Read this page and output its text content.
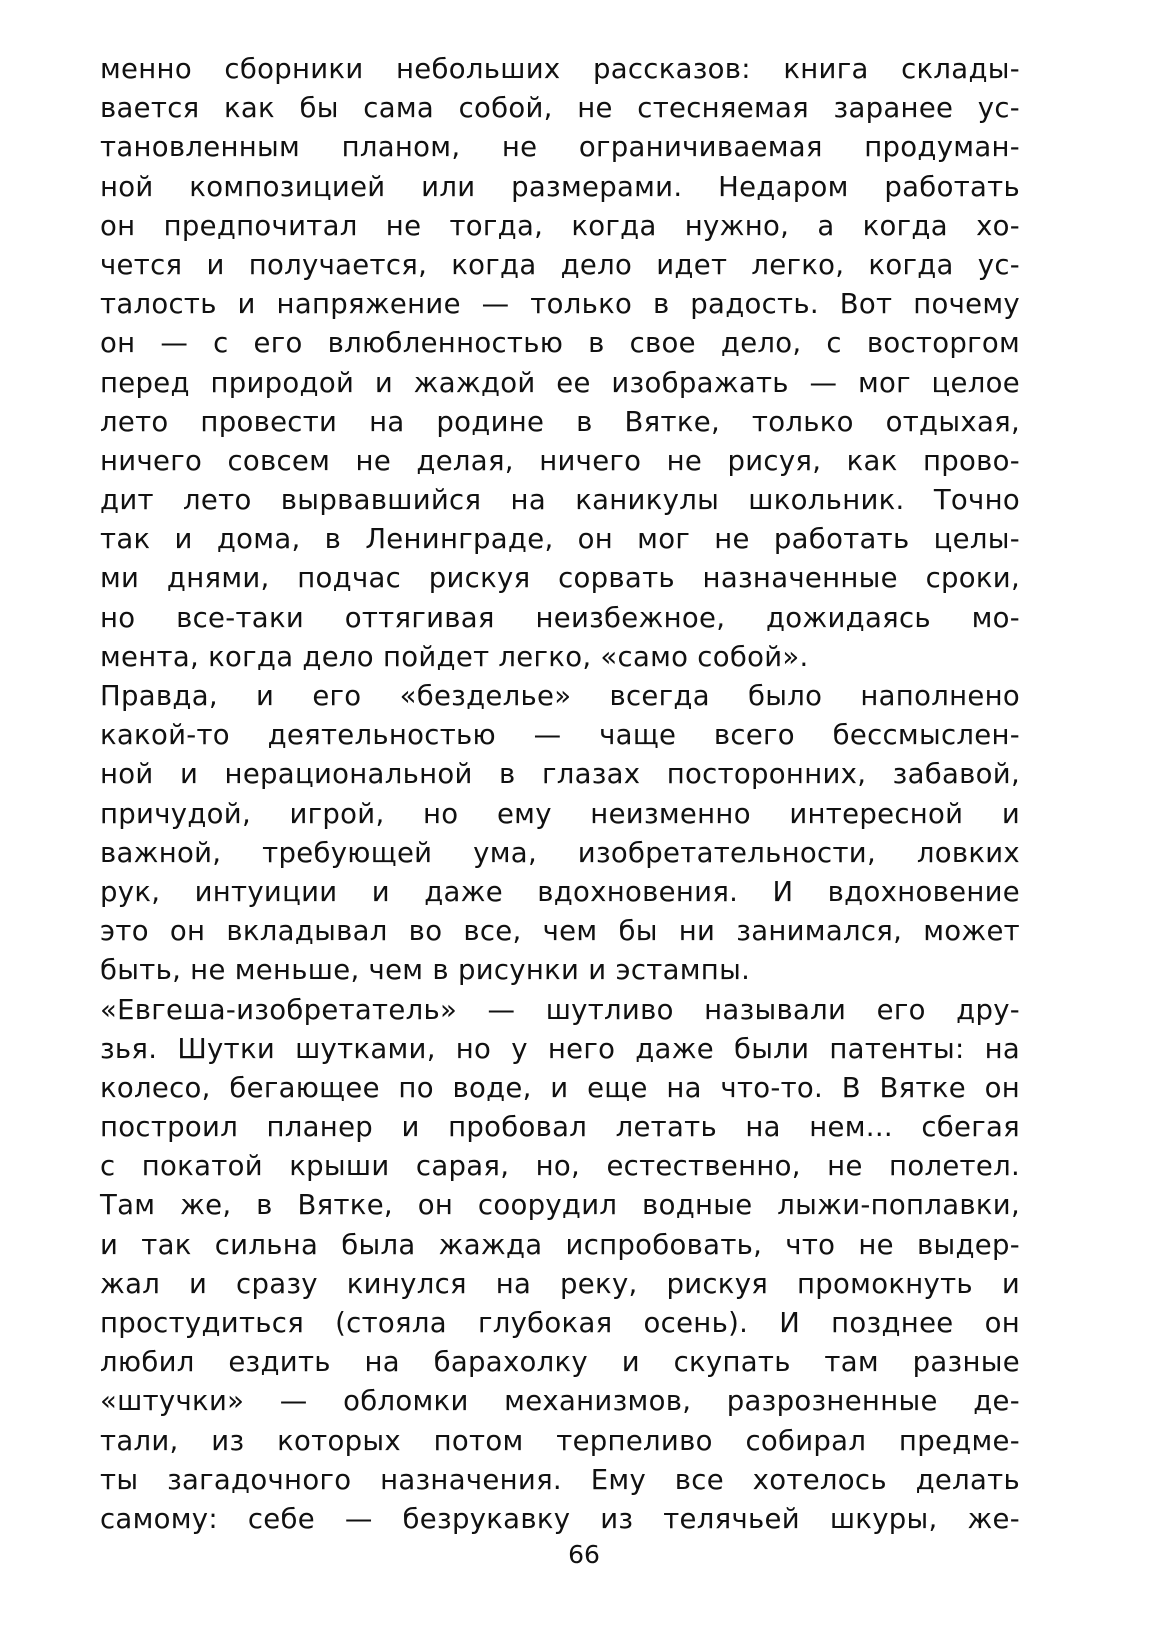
менно сборники небольших рассказов: книга склады-
вается как бы сама собой, не стесняемая заранее ус-
тановленным планом, не ограничиваемая продуман-
ной композицией или размерами. Недаром работать
он предпочитал не тогда, когда нужно, а когда хо-
чется и получается, когда дело идет легко, когда ус-
талость и напряжение — только в радость. Вот почему
он — с его влюбленностью в свое дело, с восторгом
перед природой и жаждой ее изображать — мог целое
лето провести на родине в Вятке, только отдыхая,
ничего совсем не делая, ничего не рисуя, как прово-
дит лето вырвавшийся на каникулы школьник. Точно
так и дома, в Ленинграде, он мог не работать целы-
ми днями, подчас рискуя сорвать назначенные сроки,
но все-таки оттягивая неизбежное, дожидаясь мо-
мента, когда дело пойдет легко, «само собой».
Правда, и его «безделье» всегда было наполнено
какой-то деятельностью — чаще всего бессмыслен-
ной и нерациональной в глазах посторонних, забавой,
причудой, игрой, но ему неизменно интересной и
важной, требующей ума, изобретательности, ловких
рук, интуиции и даже вдохновения. И вдохновение
это он вкладывал во все, чем бы ни занимался, может
быть, не меньше, чем в рисунки и эстампы.
«Евгеша-изобретатель» — шутливо называли его дру-
зья. Шутки шутками, но у него даже были патенты: на
колесо, бегающее по воде, и еще на что-то. В Вятке он
построил планер и пробовал летать на нем... сбегая
с покатой крыши сарая, но, естественно, не полетел.
Там же, в Вятке, он соорудил водные лыжи-поплавки,
и так сильна была жажда испробовать, что не выдер-
жал и сразу кинулся на реку, рискуя промокнуть и
простудиться (стояла глубокая осень). И позднее он
любил ездить на барахолку и скупать там разные
«штучки» — обломки механизмов, разрозненные де-
тали, из которых потом терпеливо собирал предме-
ты загадочного назначения. Ему все хотелось делать
самому: себе — безрукавку из телячьей шкуры, же-
66
